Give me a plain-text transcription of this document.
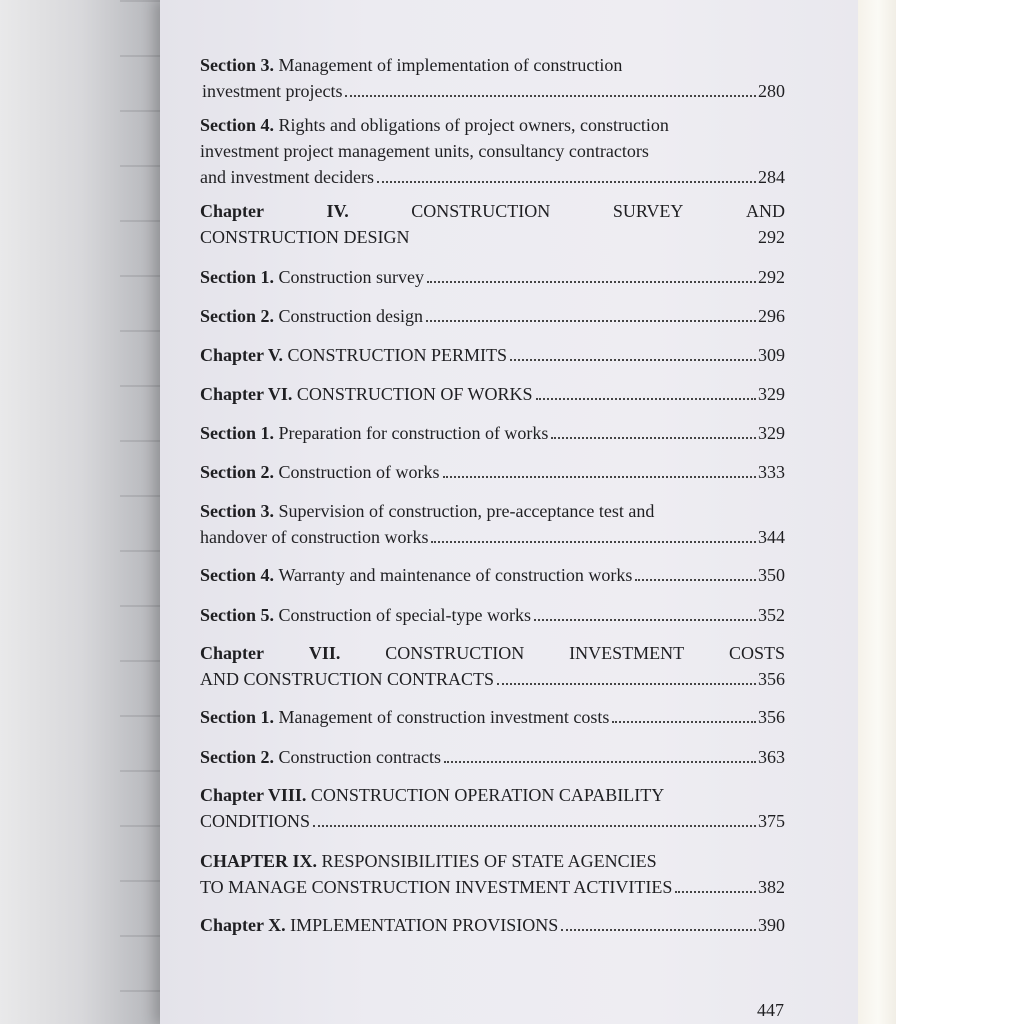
Section 3. Management of implementation of construction
investment projects	280
Section 4. Rights and obligations of project owners, construction
investment project management units, consultancy contractors
and investment deciders	284
Chapter	IV.	CONSTRUCTION	SURVEY	AND
CONSTRUCTION DESIGN	292
Section 1.
Construction survey	292
Section 2.
Construction design	296
Chapter V.
CONSTRUCTION PERMITS	309
Chapter VI.
CONSTRUCTION OF WORKS	329
Section 1.
Preparation for construction of works	329
Section 2.
Construction of works	333
Section 3. Supervision of construction, pre-acceptance test and
handover of construction works	344
Section 4.
Warranty and maintenance of construction works	350
Section 5.
Construction of special-type works	352
Chapter VII. CONSTRUCTION INVESTMENT COSTS
AND CONSTRUCTION CONTRACTS	356
Section 1.
Management of construction investment costs	356
Section 2.
Construction contracts	363
Chapter VIII. CONSTRUCTION OPERATION CAPABILITY
CONDITIONS	375
CHAPTER IX. RESPONSIBILITIES OF STATE AGENCIES
TO MANAGE CONSTRUCTION INVESTMENT ACTIVITIES	382
Chapter X.
IMPLEMENTATION PROVISIONS	390
447
